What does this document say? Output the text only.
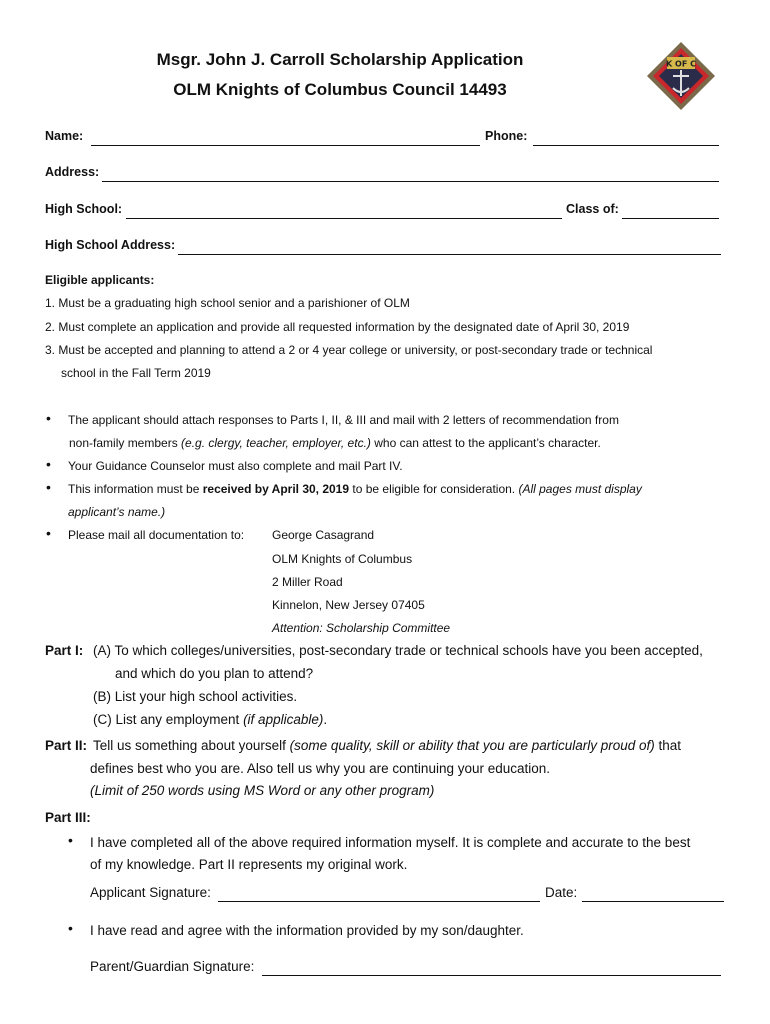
Msgr. John J. Carroll Scholarship Application
OLM Knights of Columbus Council 14493
K OF C
Name:	Phone:
Address:
High School:	Class of:
High School Address:
Eligible applicants:
1. Must be a graduating high school senior and a parishioner of OLM
2. Must complete an application and provide all requested information by the designated date of April 30, 2019
3. Must be accepted and planning to attend a 2 or 4 year college or university, or post-secondary trade or technical
school in the Fall Term 2019
• The applicant should attach responses to Parts I, II, & III and mail with 2 letters of recommendation from
non-family members (e.g. clergy, teacher, employer, etc.) who can attest to the applicant’s character.
• Your Guidance Counselor must also complete and mail Part IV.
• This information must be received by April 30, 2019 to be eligible for consideration. (All pages must display
applicant’s name.)
• Please mail all documentation to: George Casagrand
OLM Knights of Columbus
2 Miller Road
Kinnelon, New Jersey 07405
Attention: Scholarship Committee
Part I: (A) To which colleges/universities, post-secondary trade or technical schools have you been accepted,
and which do you plan to attend?
(B) List your high school activities.
(C) List any employment (if applicable).
Part II: Tell us something about yourself (some quality, skill or ability that you are particularly proud of) that
defines best who you are. Also tell us why you are continuing your education.
(Limit of 250 words using MS Word or any other program)
Part III:
• I have completed all of the above required information myself. It is complete and accurate to the best
of my knowledge. Part II represents my original work.
Applicant Signature:	Date:
• I have read and agree with the information provided by my son/daughter.
Parent/Guardian Signature:
